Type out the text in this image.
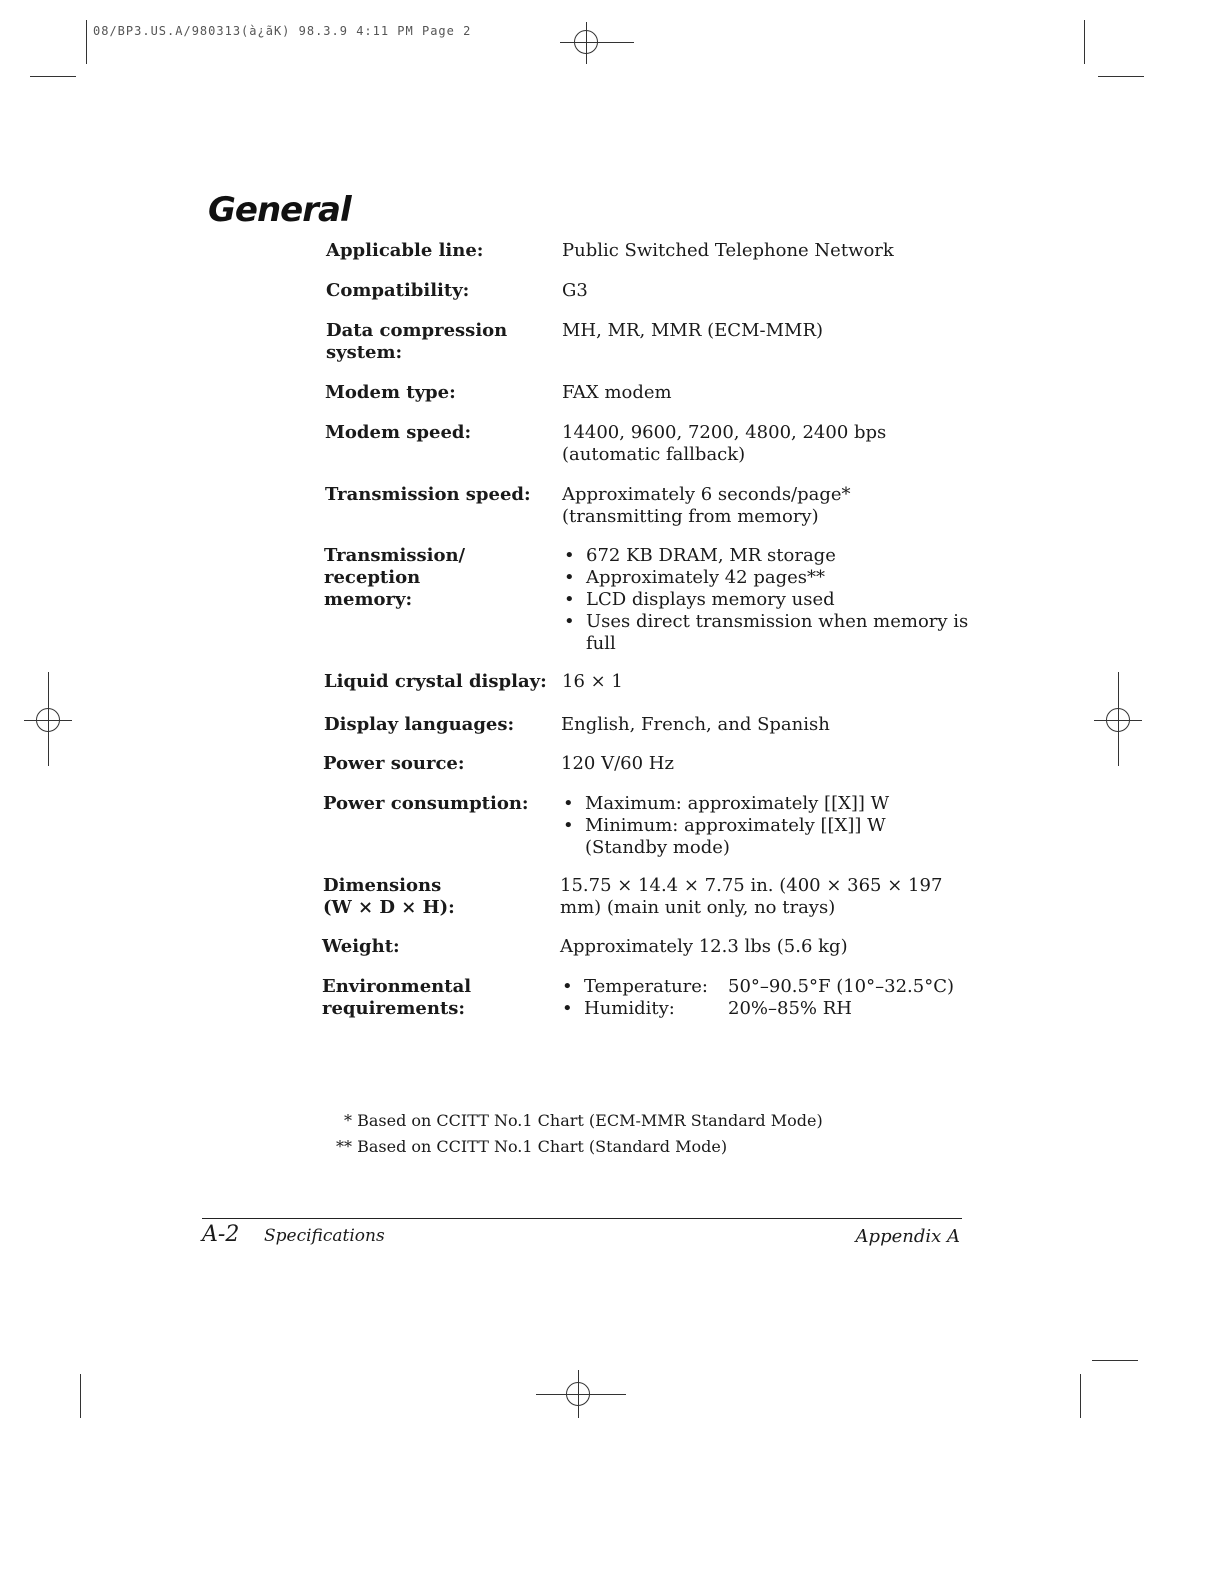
08/BP3.US.A/980313(à¿ãK) 98.3.9 4:11 PM Page 2
General
Applicable line:	Public Switched Telephone Network
Compatibility:	G3
Data compression system:
MH, MR, MMR (ECM-MMR)
Modem type:	FAX modem
Modem speed:	14400, 9600, 7200, 4800, 2400 bps (automatic fallback)
Transmission speed:	Approximately 6 seconds/page* (transmitting from memory)
Transmission/ reception memory:
• 672 KB DRAM, MR storage
• Approximately 42 pages**
• LCD displays memory used
• Uses direct transmission when memory is full
Liquid crystal display: 16 × 1
Display languages:	English, French, and Spanish
Power source:	120 V/60 Hz
Power consumption:
•	Maximum: approximately [[X]] W
• Minimum: approximately [[X]] W (Standby mode)
Dimensions (W × D × H):
15.75 × 14.4 × 7.75 in. (400 × 365 × 197 mm) (main unit only, no trays)
Weight:	Approximately 12.3 lbs (5.6 kg)
Environmental requirements:
• Temperature: 50°–90.5°F (10°–32.5°C)
• Humidity:	20%–85% RH
* Based on CCITT No.1 Chart (ECM-MMR Standard Mode)
** Based on CCITT No.1 Chart (Standard Mode)
A-2 Specifications	Appendix A
